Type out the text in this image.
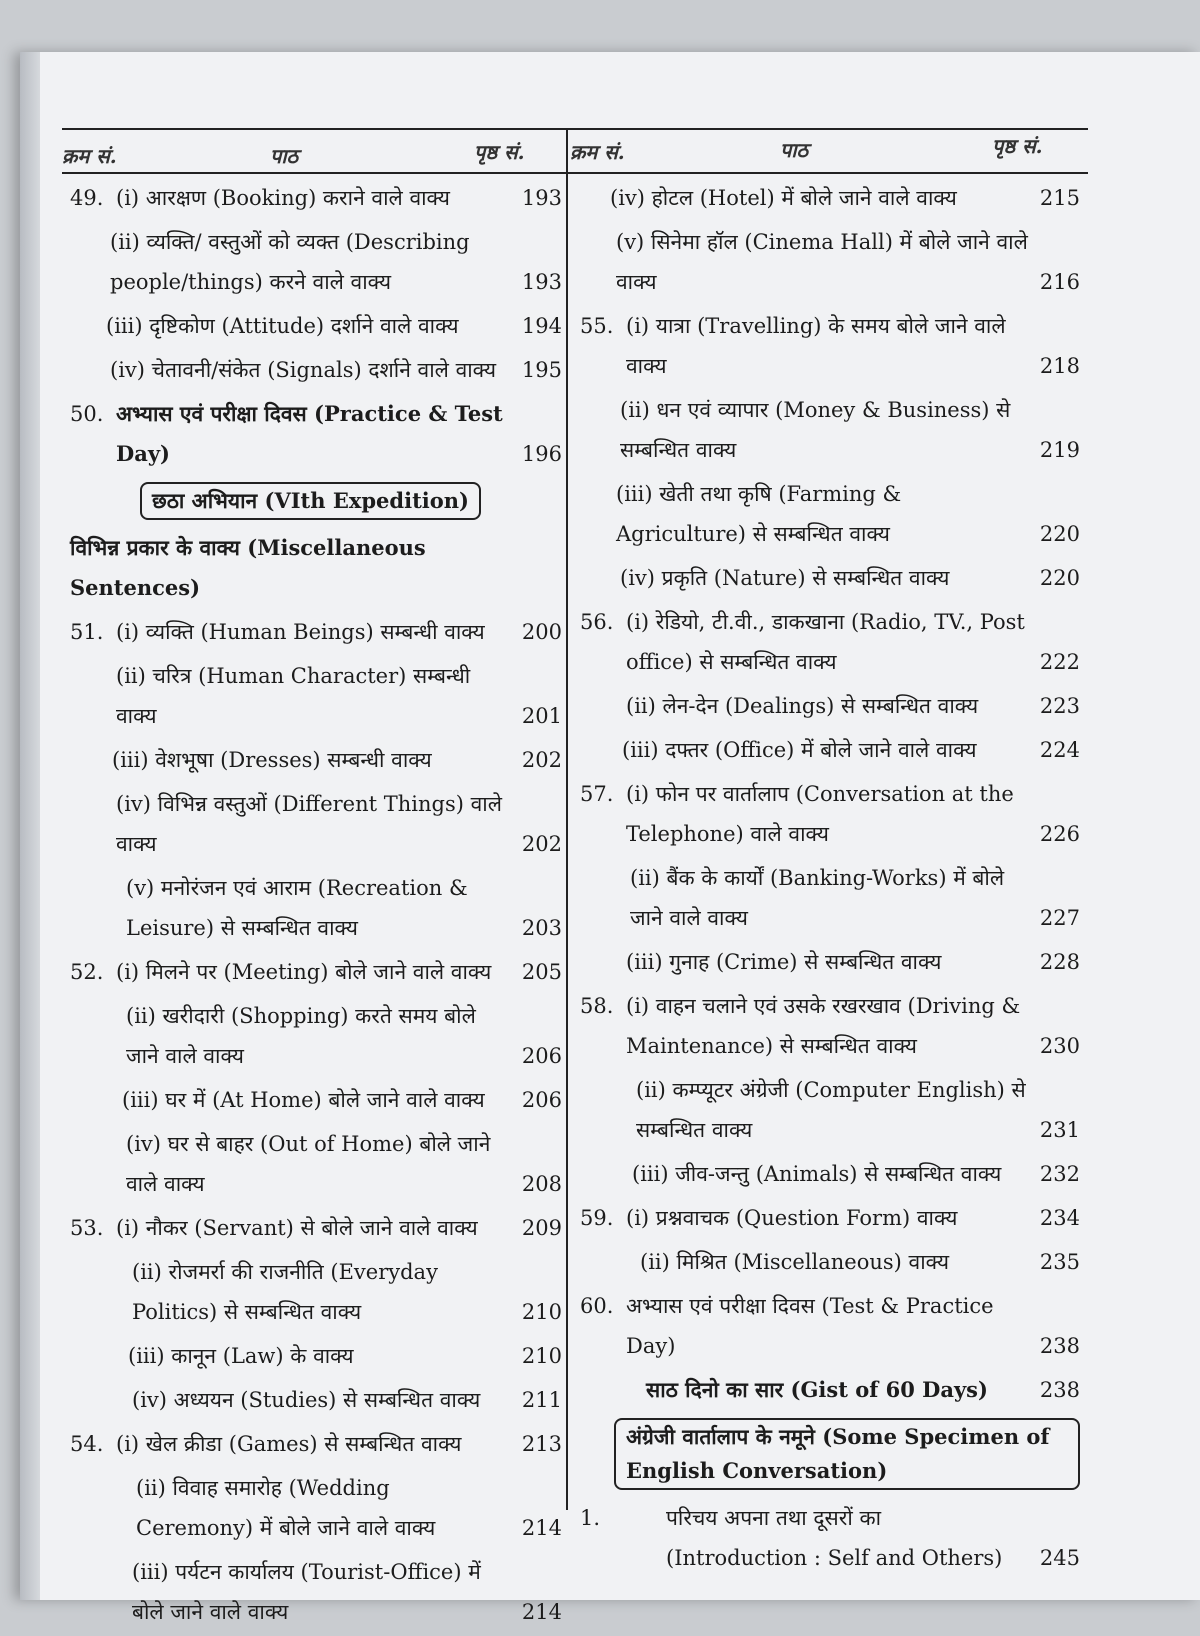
क्रम सं.	पाठ	पृष्ठ सं. क्रम सं.	पाठ	पृष्ठ सं.
49. (i) आरक्षण (Booking) कराने वाले वाक्य	193
(ii) व्यक्ति/ वस्तुओं को व्यक्त (Describing people/things) करने वाले वाक्य	193
(iii) दृष्टिकोण (Attitude) दर्शाने वाले वाक्य	194
(iv) चेतावनी/संकेत (Signals) दर्शाने वाले वाक्य	195
50. अभ्यास एवं परीक्षा दिवस (Practice & Test Day)	196
छठा अभियान (VIth Expedition)
विभिन्न प्रकार के वाक्य (Miscellaneous Sentences)
51. (i) व्यक्ति (Human Beings) सम्बन्धी वाक्य	200
(ii) चरित्र (Human Character) सम्बन्धी वाक्य	201
(iii) वेशभूषा (Dresses) सम्बन्धी वाक्य	202
(iv) विभिन्न वस्तुओं (Different Things) वाले वाक्य	202
(v) मनोरंजन एवं आराम (Recreation & Leisure) से सम्बन्धित वाक्य	203
52. (i) मिलने पर (Meeting) बोले जाने वाले वाक्य	205
(ii) खरीदारी (Shopping) करते समय बोले जाने वाले वाक्य	206
(iii) घर में (At Home) बोले जाने वाले वाक्य	206
(iv) घर से बाहर (Out of Home) बोले जाने वाले वाक्य	208
53. (i) नौकर (Servant) से बोले जाने वाले वाक्य	209
(ii) रोजमर्रा की राजनीति (Everyday Politics) से सम्बन्धित वाक्य	210
(iii) कानून (Law) के वाक्य	210
(iv) अध्ययन (Studies) से सम्बन्धित वाक्य	211
54. (i) खेल क्रीडा (Games) से सम्बन्धित वाक्य	213
(ii) विवाह समारोह (Wedding Ceremony) में बोले जाने वाले वाक्य	214
(iii) पर्यटन कार्यालय (Tourist-Office) में बोले जाने वाले वाक्य	214
(iv) होटल (Hotel) में बोले जाने वाले वाक्य	215
(v) सिनेमा हॉल (Cinema Hall) में बोले जाने वाले वाक्य	216
55. (i) यात्रा (Travelling) के समय बोले जाने वाले वाक्य	218
(ii) धन एवं व्यापार (Money & Business) से सम्बन्धित वाक्य	219
(iii) खेती तथा कृषि (Farming & Agriculture) से सम्बन्धित वाक्य	220
(iv) प्रकृति (Nature) से सम्बन्धित वाक्य	220
56. (i) रेडियो, टी.वी., डाकखाना (Radio, TV., Post office) से सम्बन्धित वाक्य	222
(ii) लेन-देन (Dealings) से सम्बन्धित वाक्य	223
(iii) दफ्तर (Office) में बोले जाने वाले वाक्य	224
57. (i) फोन पर वार्तालाप (Conversation at the Telephone) वाले वाक्य	226
(ii) बैंक के कार्यों (Banking-Works) में बोले जाने वाले वाक्य	227
(iii) गुनाह (Crime) से सम्बन्धित वाक्य	228
58. (i) वाहन चलाने एवं उसके रखरखाव (Driving & Maintenance) से सम्बन्धित वाक्य	230
(ii) कम्प्यूटर अंग्रेजी (Computer English) से सम्बन्धित वाक्य	231
(iii) जीव-जन्तु (Animals) से सम्बन्धित वाक्य	232
59. (i) प्रश्नवाचक (Question Form) वाक्य	234
(ii) मिश्रित (Miscellaneous) वाक्य	235
60. अभ्यास एवं परीक्षा दिवस (Test & Practice Day)	238
साठ दिनो का सार (Gist of 60 Days)	238
अंग्रेजी वार्तालाप के नमूने (Some Specimen of English Conversation)
1.	परिचय अपना तथा दूसरों का (Introduction : Self and Others)	245
